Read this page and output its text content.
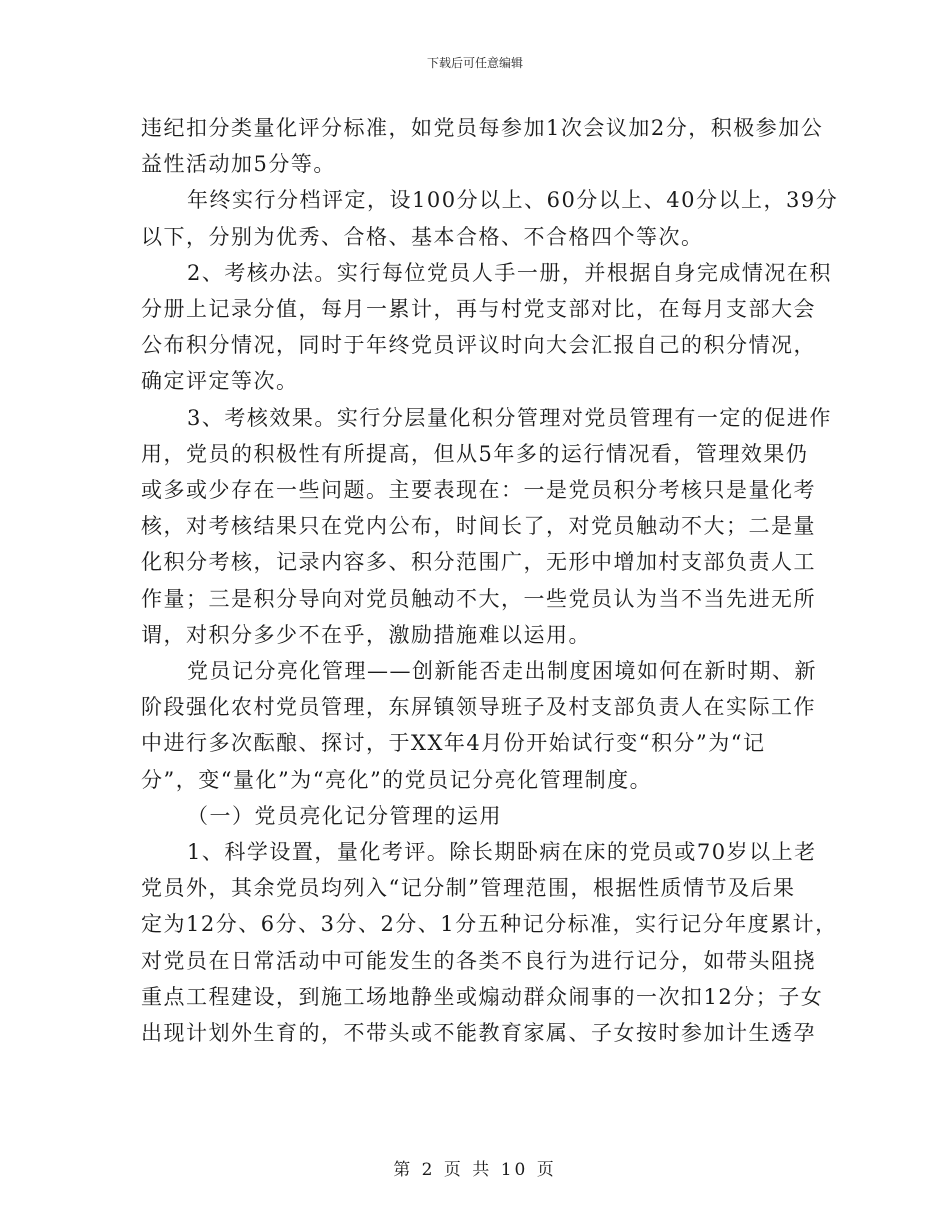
下载后可任意编辑
违纪扣分类量化评分标准，如党员每参加1次会议加2分，积极参加公
益性活动加5分等。
年终实行分档评定，设100分以上、60分以上、40分以上，39分
以下，分别为优秀、合格、基本合格、不合格四个等次。
2、考核办法。实行每位党员人手一册，并根据自身完成情况在积
分册上记录分值，每月一累计，再与村党支部对比，在每月支部大会
公布积分情况，同时于年终党员评议时向大会汇报自己的积分情况，
确定评定等次。
3、考核效果。实行分层量化积分管理对党员管理有一定的促进作
用，党员的积极性有所提高，但从5年多的运行情况看，管理效果仍
或多或少存在一些问题。主要表现在：一是党员积分考核只是量化考
核，对考核结果只在党内公布，时间长了，对党员触动不大；二是量
化积分考核，记录内容多、积分范围广，无形中增加村支部负责人工
作量；三是积分导向对党员触动不大，一些党员认为当不当先进无所
谓，对积分多少不在乎，激励措施难以运用。
党员记分亮化管理——创新能否走出制度困境如何在新时期、新
阶段强化农村党员管理，东屏镇领导班子及村支部负责人在实际工作
中进行多次酝酿、探讨，于XX年4月份开始试行变“积分”为“记
分”，变“量化”为“亮化”的党员记分亮化管理制度。
（一）党员亮化记分管理的运用
1、科学设置，量化考评。除长期卧病在床的党员或70岁以上老
党员外，其余党员均列入“记分制”管理范围，根据性质情节及后果
定为12分、6分、3分、2分、1分五种记分标准，实行记分年度累计，
对党员在日常活动中可能发生的各类不良行为进行记分，如带头阻挠
重点工程建设，到施工场地静坐或煽动群众闹事的一次扣12分；子女
出现计划外生育的，不带头或不能教育家属、子女按时参加计生透孕
第 2 页 共 10 页
